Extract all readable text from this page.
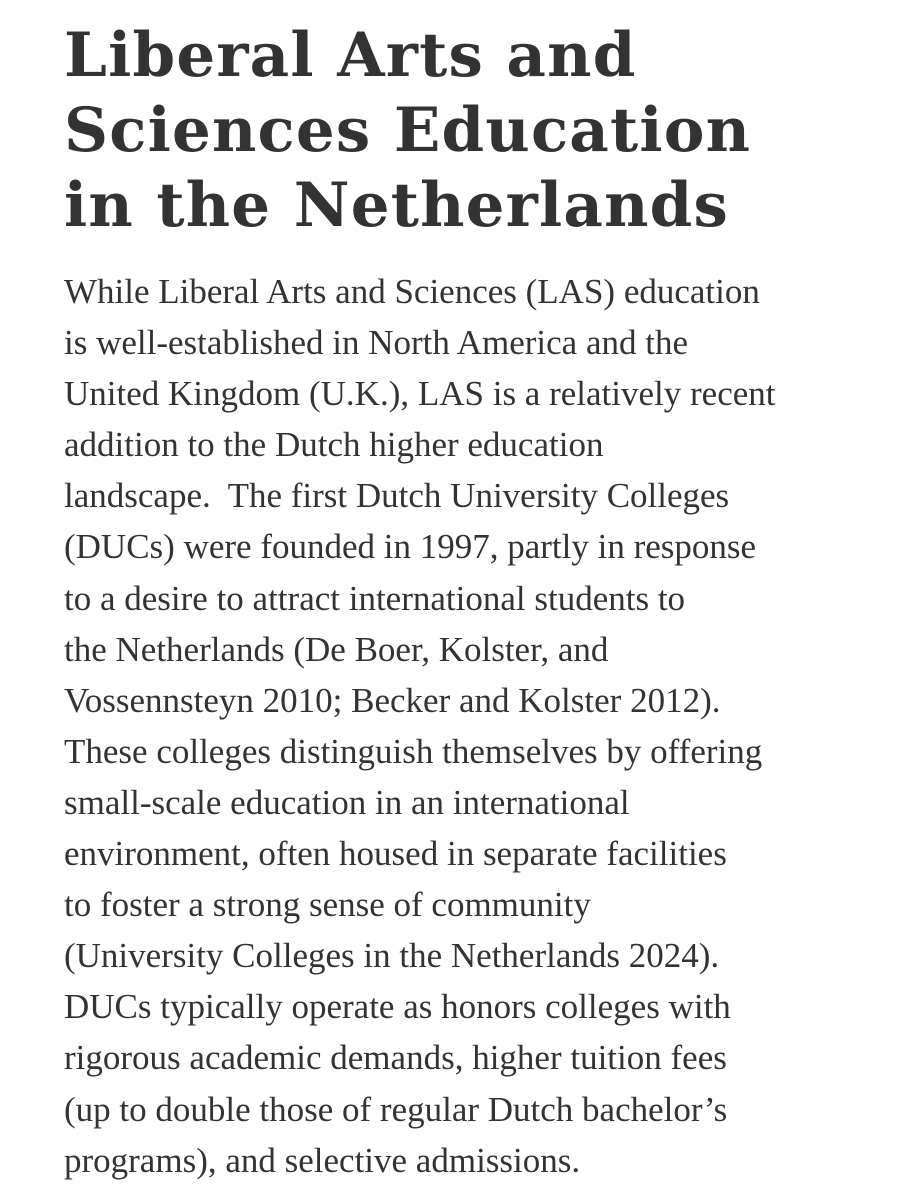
Liberal Arts and
Sciences Education
in the Netherlands

While Liberal Arts and Sciences (LAS) education
is well-established in North America and the
United Kingdom (U.K.), LAS is a relatively recent
addition to the Dutch higher education
landscape.  The first Dutch University Colleges
(DUCs) were founded in 1997, partly in response
to a desire to attract international students to
the Netherlands (De Boer, Kolster, and
Vossennsteyn 2010; Becker and Kolster 2012).
These colleges distinguish themselves by offering
small-scale education in an international
environment, often housed in separate facilities
to foster a strong sense of community
(University Colleges in the Netherlands 2024).
DUCs typically operate as honors colleges with
rigorous academic demands, higher tuition fees
(up to double those of regular Dutch bachelor’s
programs), and selective admissions.
